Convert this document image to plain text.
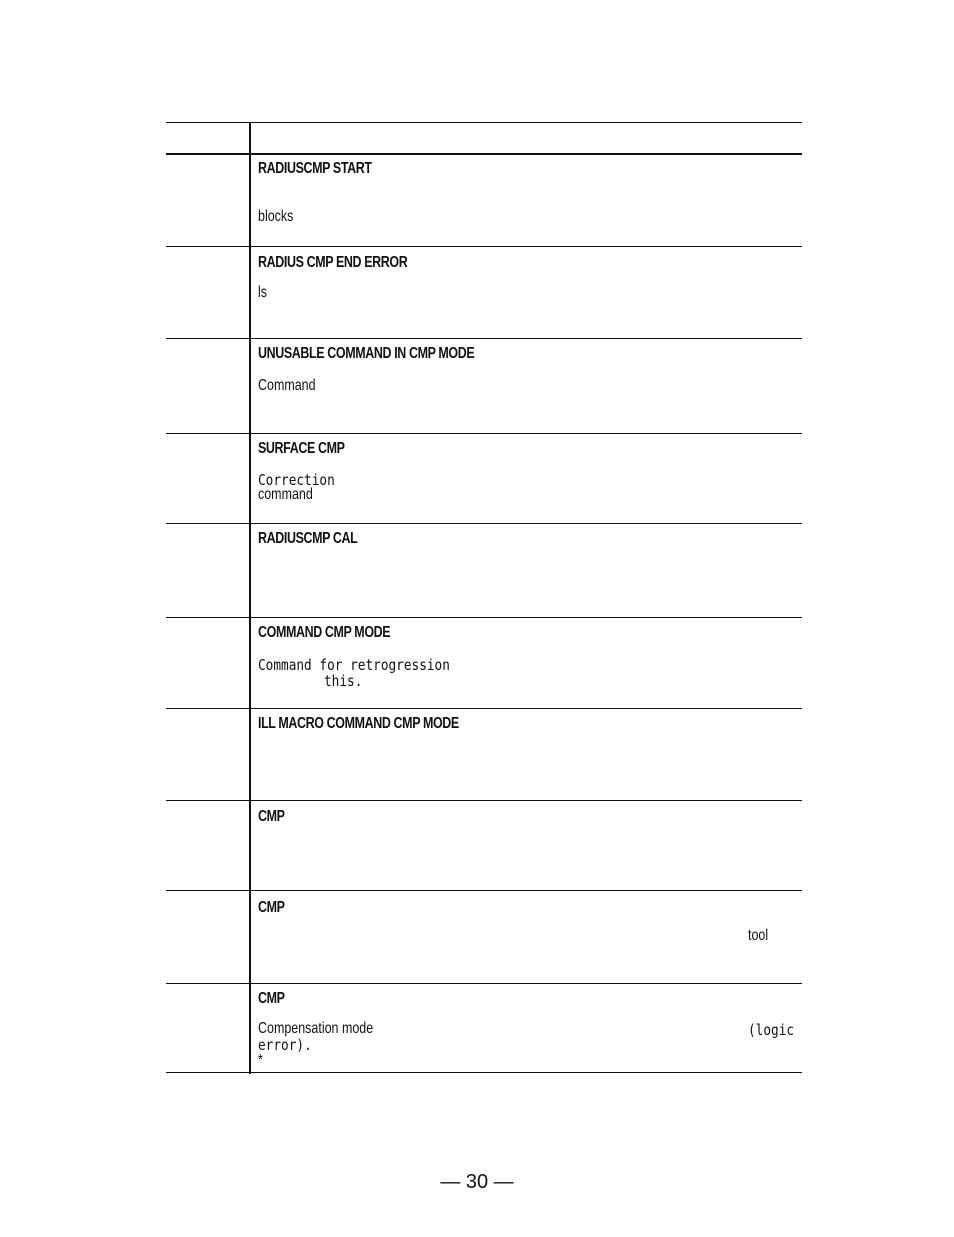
RADIUSCMP START
blocks
RADIUS CMP END ERROR
ls
UNUSABLE COMMAND IN CMP MODE
Command
SURFACE CMP
Correction
command
RADIUSCMP CAL
COMMAND CMP MODE
Command for retrogression
this.
ILL MACRO COMMAND CMP MODE
CMP
CMP
tool
CMP
Compensation mode	(logic
error).
*
— 30 —
